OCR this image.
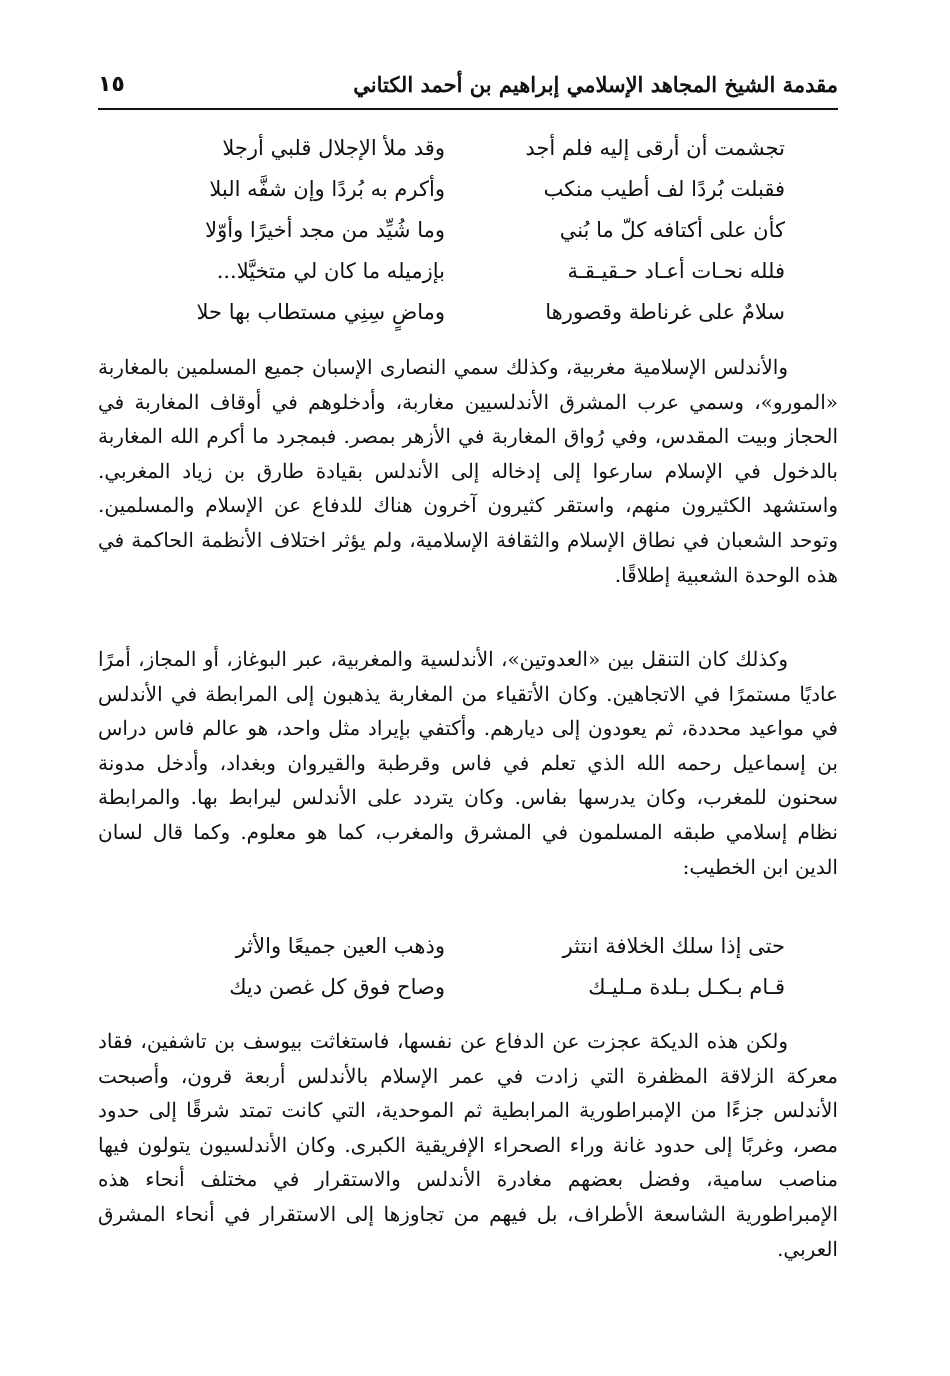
مقدمة الشيخ المجاهد الإسلامي إبراهيم بن أحمد الكتاني
١٥
تجشمت أن أرقى إليه فلم أجد
وقد ملأ الإجلال قلبي أرجلا
فقبلت بُردًا لف أطيب منكب
وأكرم به بُردًا وإن شفَّه البلا
كأن على أكتافه كلّ ما بُني
وما شُيِّد من مجد أخيرًا وأوّلا
فلله نحـات أعـاد حـقيـقـة
بإزميله ما كان لي متخيَّلا...
سلامٌ على غرناطة وقصورها
وماضٍ سِنِي مستطاب بها حلا

والأندلس الإسلامية مغربية، وكذلك سمي النصارى الإسبان جميع المسلمين بالمغاربة «المورو»، وسمي عرب المشرق الأندلسيين مغاربة، وأدخلوهم في أوقاف المغاربة في الحجاز وبيت المقدس، وفي رُواق المغاربة في الأزهر بمصر. فبمجرد ما أكرم الله المغاربة بالدخول في الإسلام سارعوا إلى إدخاله إلى الأندلس بقيادة طارق بن زياد المغربي. واستشهد الكثيرون منهم، واستقر كثيرون آخرون هناك للدفاع عن الإسلام والمسلمين. وتوحد الشعبان في نطاق الإسلام والثقافة الإسلامية، ولم يؤثر اختلاف الأنظمة الحاكمة في هذه الوحدة الشعبية إطلاقًا.

وكذلك كان التنقل بين «العدوتين»، الأندلسية والمغربية، عبر البوغاز، أو المجاز، أمرًا عاديًا مستمرًا في الاتجاهين. وكان الأتقياء من المغاربة يذهبون إلى المرابطة في الأندلس في مواعيد محددة، ثم يعودون إلى ديارهم. وأكتفي بإيراد مثل واحد، هو عالم فاس دراس بن إسماعيل رحمه الله الذي تعلم في فاس وقرطبة والقيروان وبغداد، وأدخل مدونة سحنون للمغرب، وكان يدرسها بفاس. وكان يتردد على الأندلس ليرابط بها. والمرابطة نظام إسلامي طبقه المسلمون في المشرق والمغرب، كما هو معلوم. وكما قال لسان الدين ابن الخطيب:

حتى إذا سلك الخلافة انتثر
وذهب العين جميعًا والأثر
قـام بـكـل بـلدة مـليـك
وصاح فوق كل غصن ديك

ولكن هذه الديكة عجزت عن الدفاع عن نفسها، فاستغاثت بيوسف بن تاشفين، فقاد معركة الزلاقة المظفرة التي زادت في عمر الإسلام بالأندلس أربعة قرون، وأصبحت الأندلس جزءًا من الإمبراطورية المرابطية ثم الموحدية، التي كانت تمتد شرقًا إلى حدود مصر، وغربًا إلى حدود غانة وراء الصحراء الإفريقية الكبرى. وكان الأندلسيون يتولون فيها مناصب سامية، وفضل بعضهم مغادرة الأندلس والاستقرار في مختلف أنحاء هذه الإمبراطورية الشاسعة الأطراف، بل فيهم من تجاوزها إلى الاستقرار في أنحاء المشرق العربي.
